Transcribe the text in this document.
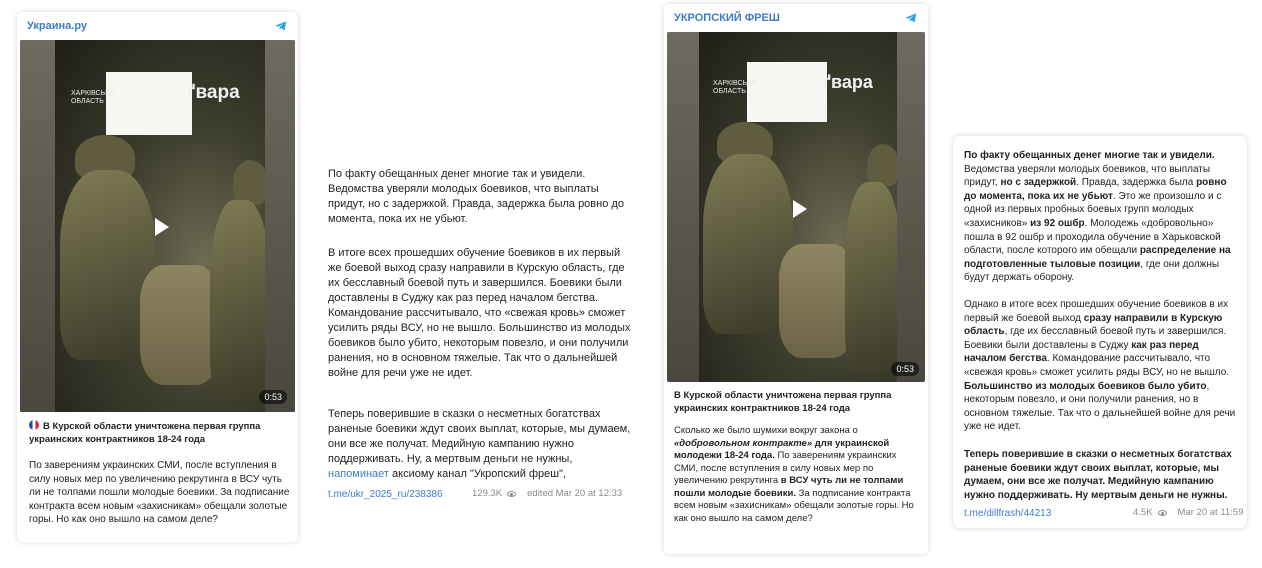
Украина.ру
ХАРКІВСЬКА
ОБЛАСТЬ	ґвара
0:53
В Курской области уничтожена первая группа украинских контрактников 18-24 года
По заверениям украинских СМИ, после вступления в силу новых мер по увеличению рекрутинга в ВСУ чуть ли не толпами пошли молодые боевики. За подписание контракта всем новым «захисникам» обещали золотые горы. Но как оно вышло на самом деле?
По факту обещанных денег многие так и увидели. Ведомства уверяли молодых боевиков, что выплаты придут, но с задержкой. Правда, задержка была ровно до момента, пока их не убьют.
В итоге всех прошедших обучение боевиков в их первый же боевой выход сразу направили в Курскую область, где их бесславный боевой путь и завершился. Боевики были доставлены в Суджу как раз перед началом бегства. Командование рассчитывало, что «свежая кровь» сможет усилить ряды ВСУ, но не вышло. Большинство из молодых боевиков было убито, некоторым повезло, и они получили ранения, но в основном тяжелые. Так что о дальнейшей войне для речи уже не идет.
Теперь поверившие в сказки о несметных богатствах раненые боевики ждут своих выплат, которые, мы думаем, они все же получат. Медийную кампанию нужно поддерживать. Ну, а мертвым деньги не нужны, напоминает аксиому канал "Укропский фреш",
t.me/ukr_2025_ru/238386	129.3K	edited Mar 20 at 12:33
УКРОПСКИЙ ФРЕШ
ХАРКІВСЬКА
ОБЛАСТЬ	ґвара
0:53
В Курской области уничтожена первая группа украинских контрактников 18-24 года
Сколько же было шумихи вокруг закона о «добровольном контракте» для украинской молодежи 18-24 года. По заверениям украинских СМИ, после вступления в силу новых мер по увеличению рекрутинга в ВСУ чуть ли не толпами пошли молодые боевики. За подписание контракта всем новым «захисникам» обещали золотые горы. Но как оно вышло на самом деле?
По факту обещанных денег многие так и увидели. Ведомства уверяли молодых боевиков, что выплаты придут, но с задержкой. Правда, задержка была ровно до момента, пока их не убьют. Это же произошло и с одной из первых пробных боевых групп молодых «захисников» из 92 ошбр. Молодежь «добровольно» пошла в 92 ошбр и проходила обучение в Харьковской области, после которого им обещали распределение на подготовленные тыловые позиции, где они должны будут держать оборону.
Однако в итоге всех прошедших обучение боевиков в их первый же боевой выход сразу направили в Курскую область, где их бесславный боевой путь и завершился. Боевики были доставлены в Суджу как раз перед началом бегства. Командование рассчитывало, что «свежая кровь» сможет усилить ряды ВСУ, но не вышло. Большинство из молодых боевиков было убито, некоторым повезло, и они получили ранения, но в основном тяжелые. Так что о дальнейшей войне для речи уже не идет.
Теперь поверившие в сказки о несметных богатствах раненые боевики ждут своих выплат, которые, мы думаем, они все же получат. Медийную кампанию нужно поддерживать. Ну мертвым деньги не нужны.
t.me/dillfrash/44213	4.5K	Mar 20 at 11:59
